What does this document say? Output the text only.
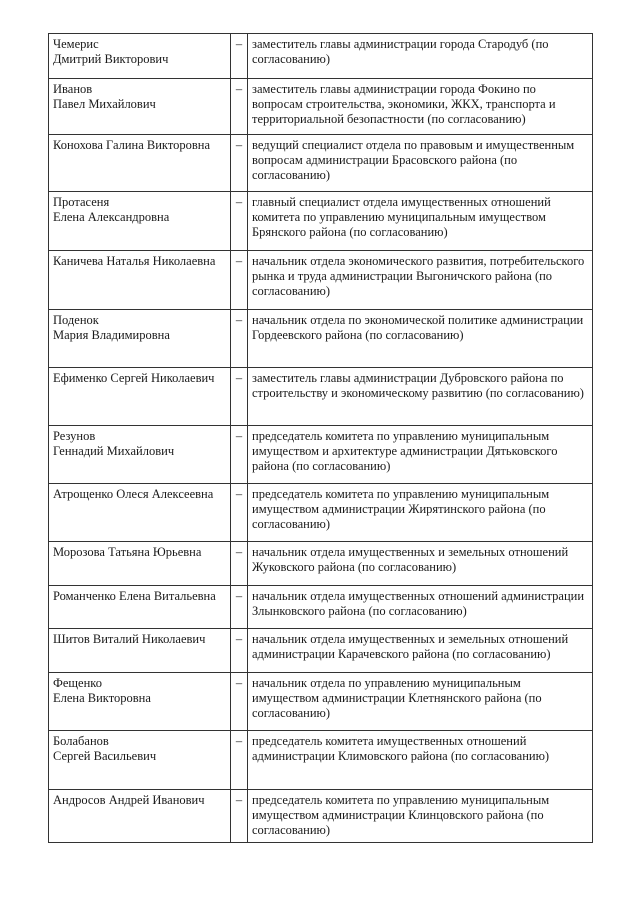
Чемерис
Дмитрий Викторович	–	заместитель главы администрации города Стародуб (по согласованию)

Иванов
Павел Михайлович	–	заместитель главы администрации города Фокино по вопросам строительства, экономики, ЖКХ, транспорта и территориальной безопастности (по согласованию)

Конохова Галина Викторовна	–	ведущий специалист отдела по правовым и имущественным вопросам администрации Брасовского района (по согласованию)

Протасеня
Елена Александровна	–	главный специалист отдела имущественных отношений комитета по управлению муниципальным имуществом Брянского района (по согласованию)

Каничева Наталья Николаевна	–	начальник отдела экономического развития, потребительского рынка и труда администрации Выгоничского района (по согласованию)

Поденок
Мария Владимировна	–	начальник отдела по экономической политике администрации Гордеевского района (по согласованию)

Ефименко Сергей Николаевич	–	заместитель главы администрации Дубровского района по строительству и экономическому развитию (по согласованию)

Резунов
Геннадий Михайлович	–	председатель комитета по управлению муниципальным имуществом и архитектуре администрации Дятьковского района (по согласованию)

Атрощенко Олеся Алексеевна	–	председатель комитета по управлению муниципальным имуществом администрации Жирятинского района (по согласованию)

Морозова Татьяна Юрьевна	–	начальник отдела имущественных и земельных отношений Жуковского района (по согласованию)

Романченко Елена Витальевна	–	начальник отдела имущественных отношений администрации Злынковского района (по согласованию)

Шитов Виталий Николаевич	–	начальник отдела имущественных и земельных отношений администрации Карачевского района (по согласованию)

Фещенко
Елена Викторовна	–	начальник отдела по управлению муниципальным имуществом администрации Клетнянского района (по согласованию)

Болабанов
Сергей Васильевич	–	председатель комитета имущественных отношений администрации Климовского района (по согласованию)

Андросов Андрей Иванович	–	председатель комитета по управлению муниципальным имуществом администрации Клинцовского района (по согласованию)
